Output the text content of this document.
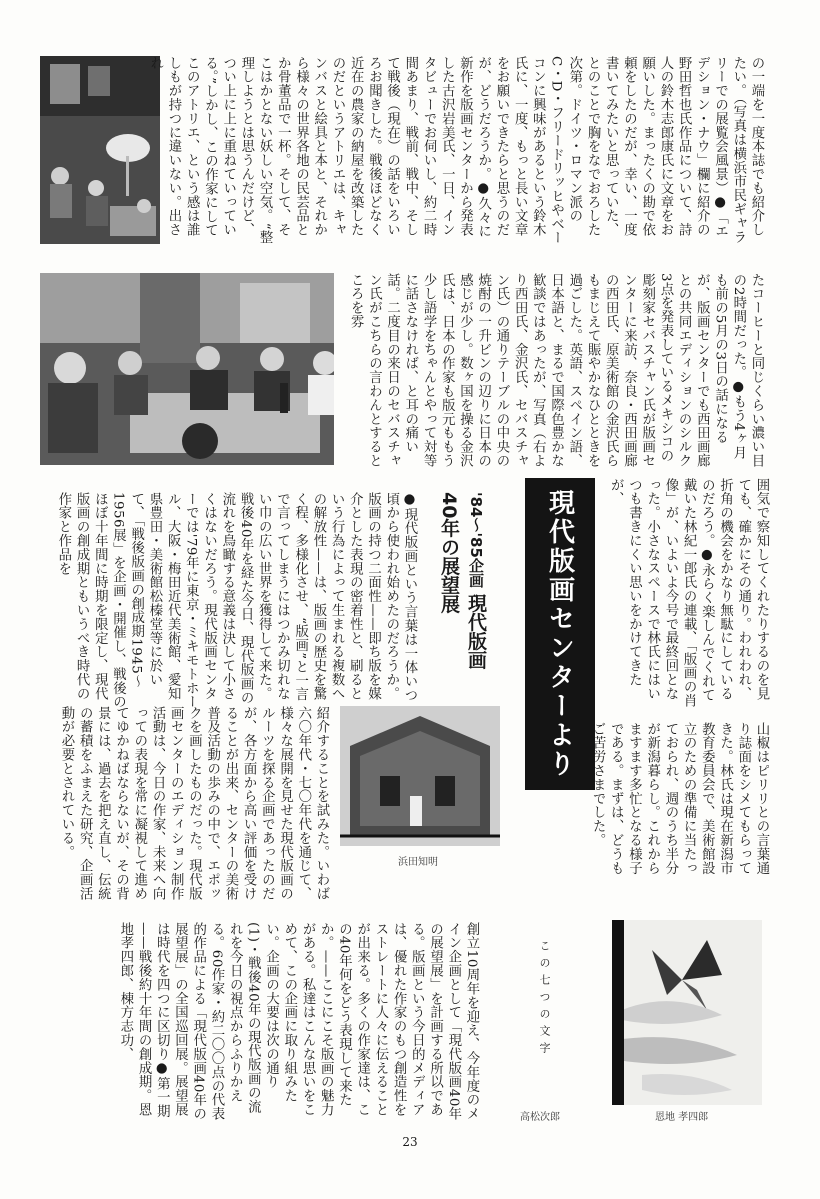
の一端を一度本誌でも紹介したい。（写真は横浜市民ギャラリーでの展覧会風景）●「エデション・ナウ」欄に紹介の野田哲也氏作品について、詩人の鈴木志郎康氏に文章をお願いした。まったくの勘で依頼をしたのだが、幸い、一度書いてみたいと思っていた、とのことで胸をなでおろした次第。ドイツ・ロマン派のC・D・フリードリッヒやベーコンに興味があるという鈴木氏に、一度、もっと長い文章をお願いできたらと思うのだが、どうだろうか。●久々に新作を版画センターから発表した古沢岩美氏、一日、インタビューでお伺いし、約二時間あまり、戦前、戦中、そして戦後（現在）の話をいろいろお聞きした。戦後ほどなく近在の農家の納屋を改築したのだというアトリエは、キャンバスと絵具と本と、それから様々の世界各地の民芸品とか骨董品で一杯。そして、そこはかとない妖しい空気。“整理しようとは思うんだけど、つい上に上に重ねていっている。”しかし、この作家にしてこのアトリエ、という感は誰しもが持つに違いない。出され

たコーヒーと同じくらい濃い目の2時間だった。●もう4ヶ月も前の5月の3日の話になるが、版画センターでも西田画廊との共同エディションのシルク3点を発表しているメキシコの彫刻家セバスチャン氏が版画センターに来訪、奈良・西田画廊の西田氏、原美術館の金沢氏らもまじえて賑やかなひとときを過ごした。英語、スペイン語、日本語と、まるで国際色豊かな歓談ではあったが、写真（右より西田氏、金沢氏、セバスチャン氏）の通りテーブルの中央の焼酎の一升ビンの辺りに日本の感じが少し。数ヶ国を操る金沢氏は、日本の作家も版元ももう少し語学をちゃんとやって対等に話さなければ、と耳の痛い話。二度目の来日のセバスチャン氏がこちらの言わんとするところを雰

現代版画センターより
'84～'85企画 現代版画40年の展望展	囲気で察知してくれたりするのを見ても、確かにその通り。われわれ、折角の機会をかなり無駄にしているのだろう。●永らく楽しんでくれて戴いた林紀一郎氏の連載、「版画の肖像」が、いよいよ今号で最終回となった。小さなスペースで林氏にはいつも書きにくい思いをかけてきたが、

山椒はピリリとの言葉通り誌面をシメてもらってきた。林氏は現在新潟市教育委員会で、美術館設立のための準備に当たっておられ、週のうち半分が新潟暮らし。これからますます多忙となる様子である。まずは、どうもご苦労さまでした。

●現代版画という言葉は一体いつ頃から使われ始めたのだろうか。版画の持つ二面性——即ち版を媒介とした表現の密着性と、刷るという行為によって生まれる複数への解放性——は、版画の歴史を驚く程、多様化させ、“版画”と一言で言ってしまうにはつかみ切れない巾の広い世界を獲得して来た。戦後40年を経た今日、現代版画の流れを鳥瞰する意義は決して小さくはないだろう。現代版画センターでは'79年に東京・ミキモトホール、大阪・梅田近代美術館、愛知県豊田・美術館松榛堂等に於いて、「戦後版画の創成期1945～1956展」を企画・開催し、戦後のほぼ十年間に時期を限定し、現代版画の創成期ともいうべき時代の作家と作品を

浜田知明

紹介することを試みた。いわば六〇年代・七〇年代を通じて、様々な展開を見せた現代版画のルーツを探る企画であったのだが、各方面から高い評価を受けることが出来、センターの美術普及活動の歩みの中で、エポックを画したものだった。現代版画センターのエディション制作活動は、今日の作家、未来へ向っての表現を常に凝視して進めてゆかねばならないが、その背景には、過去を把え直し、伝統の蓄積をふまえた研究、企画活動が必要とされている。

創立10周年を迎え、今年度のメイン企画として「現代版画40年の展望展」を計画する所以である。版画という今日的メディアは、優れた作家のもつ創造性をストレートに人々に伝えることが出来る。多くの作家達は、この40年何をどう表現して来たか。——ここにこそ版画の魅力がある。私達はこんな思いをこめて、この企画に取り組みたい。企画の大要は次の通り(1)・戦後40年の現代版画の流れを今日の視点からふりかえる。60作家・約二〇〇点の代表的作品による「現代版画40年の展望展」の全国巡回展。展望展は時代を四つに区切り●第一期——戦後約十年間の創成期。恩地孝四郎、棟方志功、	この七つの文字
高松次郎	恩地 孝四郎
23
